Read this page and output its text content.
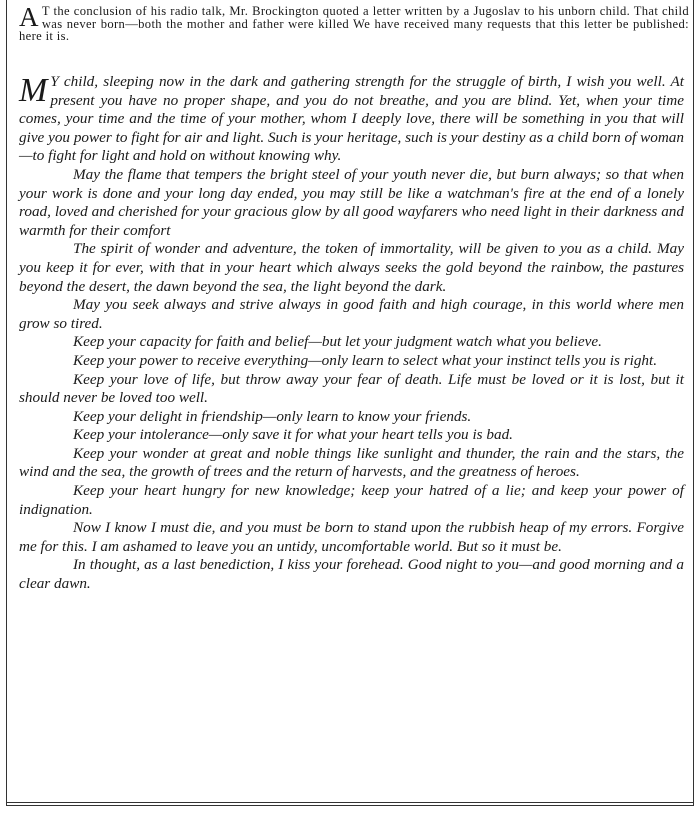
A T the conclusion of his radio talk, Mr. Brockington quoted a letter written by a Jugoslav to his unborn child. That child was never born—both the mother and father were killed We have received many requests that this letter be published: here it is.

M Y child, sleeping now in the dark and gathering strength for the struggle of birth, I wish you well. At present you have no proper shape, and you do not breathe, and you are blind. Yet, when your time comes, your time and the time of your mother, whom I deeply love, there will be something in you that will give you power to fight for air and light. Such is your heritage, such is your destiny as a child born of woman—to fight for light and hold on without knowing why.

May the flame that tempers the bright steel of your youth never die, but burn always; so that when your work is done and your long day ended, you may still be like a watchman's fire at the end of a lonely road, loved and cherished for your gracious glow by all good wayfarers who need light in their darkness and warmth for their comfort

The spirit of wonder and adventure, the token of immortality, will be given to you as a child. May you keep it for ever, with that in your heart which always seeks the gold beyond the rainbow, the pastures beyond the desert, the dawn beyond the sea, the light beyond the dark.

May you seek always and strive always in good faith and high courage, in this world where men grow so tired.

Keep your capacity for faith and belief—but let your judgment watch what you believe.

Keep your power to receive everything—only learn to select what your instinct tells you is right.

Keep your love of life, but throw away your fear of death. Life must be loved or it is lost, but it should never be loved too well.

Keep your delight in friendship—only learn to know your friends.

Keep your intolerance—only save it for what your heart tells you is bad.

Keep your wonder at great and noble things like sunlight and thunder, the rain and the stars, the wind and the sea, the growth of trees and the return of harvests, and the greatness of heroes.

Keep your heart hungry for new knowledge; keep your hatred of a lie; and keep your power of indignation.

Now I know I must die, and you must be born to stand upon the rubbish heap of my errors. Forgive me for this. I am ashamed to leave you an untidy, uncomfortable world. But so it must be.

In thought, as a last benediction, I kiss your forehead. Good night to you—and good morning and a clear dawn.
